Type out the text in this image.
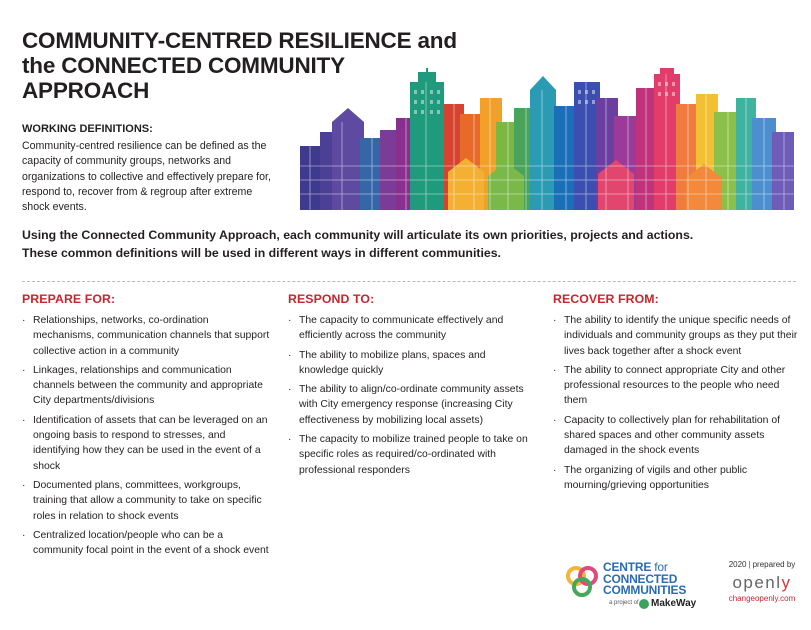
COMMUNITY-CENTRED RESILIENCE and
the CONNECTED COMMUNITY
APPROACH
WORKING DEFINITIONS:
Community-centred resilience can be defined as the capacity of community groups, networks and organizations to collective and effectively prepare for, respond to, recover from & regroup after extreme shock events.
Using the Connected Community Approach, each community will articulate its own priorities, projects and actions.
These common definitions will be used in different ways in different communities.
PREPARE FOR:
· Relationships, networks, co-ordination mechanisms, communication channels that support collective action in a community
· Linkages, relationships and communication channels between the community and appropriate City departments/divisions
· Identification of assets that can be leveraged on an ongoing basis to respond to stresses, and identifying how they can be used in the event of a shock
· Documented plans, committees, workgroups, training that allow a community to take on specific roles in relation to shock events
· Centralized location/people who can be a community focal point in the event of a shock event
RESPOND TO:
· The capacity to communicate effectively and efficiently across the community
· The ability to mobilize plans, spaces and knowledge quickly
· The ability to align/co-ordinate community assets with City emergency response (increasing City effectiveness by mobilizing local assets)
· The capacity to mobilize trained people to take on specific roles as required/co-ordinated with professional responders
RECOVER FROM:
· The ability to identify the unique specific needs of individuals and community groups as they put their lives back together after a shock event
· The ability to connect appropriate City and other professional resources to the people who need them
· Capacity to collectively plan for rehabilitation of shared spaces and other community assets damaged in the shock events
· The organizing of vigils and other public mourning/grieving opportunities
CENTRE for
CONNECTED
COMMUNITIES
a project of MakeWay
2020 | prepared by
openly
changeopenly.com
